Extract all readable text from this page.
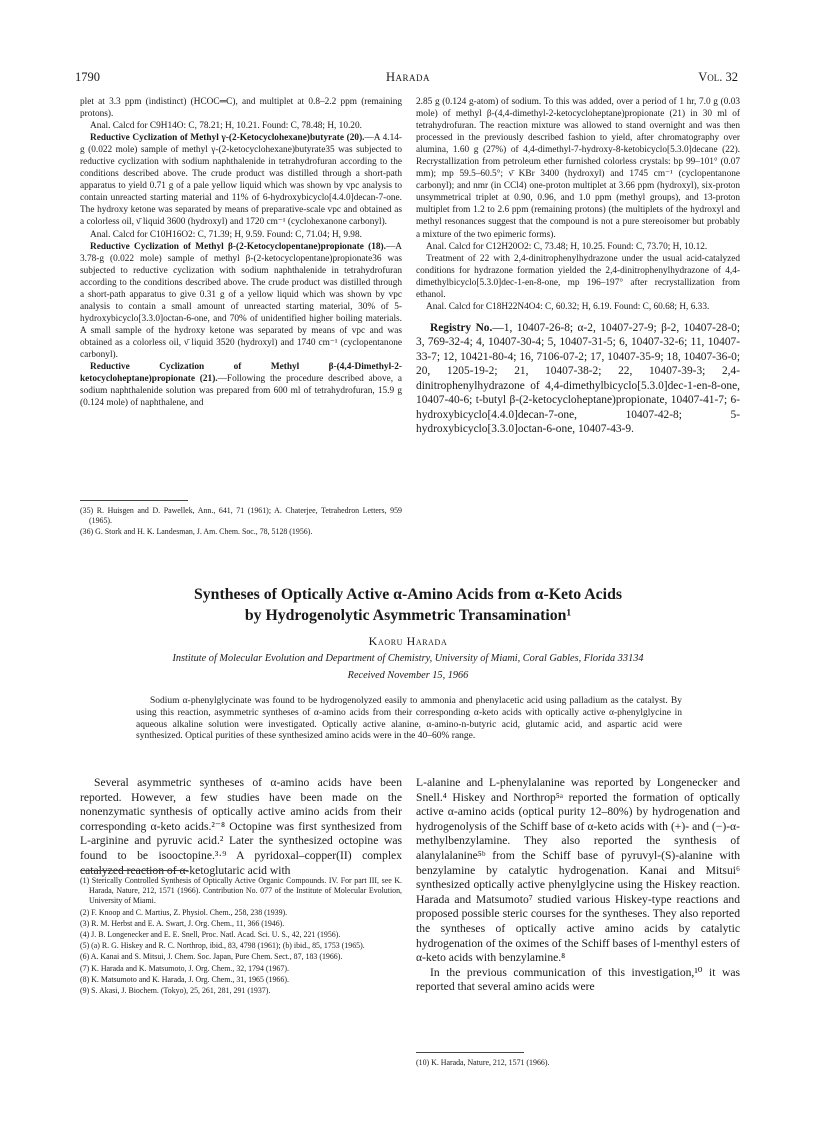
1790	Harada	Vol. 32

plet at 3.3 ppm (indistinct) (HCOC═C), and multiplet at 0.8–2.2 ppm (remaining protons).

Anal. Calcd for C9H14O: C, 78.21; H, 10.21. Found: C, 78.48; H, 10.20.

Reductive Cyclization of Methyl γ-(2-Ketocyclohexane)butyrate (20).—A 4.14-g (0.022 mole) sample of methyl γ-(2-ketocyclohexane)butyrate35 was subjected to reductive cyclization with sodium naphthalenide in tetrahydrofuran according to the conditions described above. The crude product was distilled through a short-path apparatus to yield 0.71 g of a pale yellow liquid which was shown by vpc analysis to contain unreacted starting material and 11% of 6-hydroxybicyclo[4.4.0]decan-7-one. The hydroxy ketone was separated by means of preparative-scale vpc and obtained as a colorless oil, ν̄ liquid 3600 (hydroxyl) and 1720 cm⁻¹ (cyclohexanone carbonyl).

Anal. Calcd for C10H16O2: C, 71.39; H, 9.59. Found: C, 71.04; H, 9.98.

Reductive Cyclization of Methyl β-(2-Ketocyclopentane)propionate (18).—A 3.78-g (0.022 mole) sample of methyl β-(2-ketocyclopentane)propionate36 was subjected to reductive cyclization with sodium naphthalenide in tetrahydrofuran according to the conditions described above. The crude product was distilled through a short-path apparatus to give 0.31 g of a yellow liquid which was shown by vpc analysis to contain a small amount of unreacted starting material, 30% of 5-hydroxybicyclo[3.3.0]octan-6-one, and 70% of unidentified higher boiling materials. A small sample of the hydroxy ketone was separated by means of vpc and was obtained as a colorless oil, ν̄ liquid 3520 (hydroxyl) and 1740 cm⁻¹ (cyclopentanone carbonyl).

Reductive Cyclization of Methyl β-(4,4-Dimethyl-2-ketocycloheptane)propionate (21).—Following the procedure described above, a sodium naphthalenide solution was prepared from 600 ml of tetrahydrofuran, 15.9 g (0.124 mole) of naphthalene, and

(35) R. Huisgen and D. Pawellek, Ann., 641, 71 (1961); A. Chaterjee, Tetrahedron Letters, 959 (1965).

(36) G. Stork and H. K. Landesman, J. Am. Chem. Soc., 78, 5128 (1956).

2.85 g (0.124 g-atom) of sodium. To this was added, over a period of 1 hr, 7.0 g (0.03 mole) of methyl β-(4,4-dimethyl-2-ketocycloheptane)propionate (21) in 30 ml of tetrahydrofuran. The reaction mixture was allowed to stand overnight and was then processed in the previously described fashion to yield, after chromatography over alumina, 1.60 g (27%) of 4,4-dimethyl-7-hydroxy-8-ketobicyclo[5.3.0]decane (22). Recrystallization from petroleum ether furnished colorless crystals: bp 99–101° (0.07 mm); mp 59.5–60.5°; ν̄ KBr 3400 (hydroxyl) and 1745 cm⁻¹ (cyclopentanone carbonyl); and nmr (in CCl4) one-proton multiplet at 3.66 ppm (hydroxyl), six-proton unsymmetrical triplet at 0.90, 0.96, and 1.0 ppm (methyl groups), and 13-proton multiplet from 1.2 to 2.6 ppm (remaining protons) (the multiplets of the hydroxyl and methyl resonances suggest that the compound is not a pure stereoisomer but probably a mixture of the two epimeric forms).

Anal. Calcd for C12H20O2: C, 73.48; H, 10.25. Found: C, 73.70; H, 10.12.

Treatment of 22 with 2,4-dinitrophenylhydrazone under the usual acid-catalyzed conditions for hydrazone formation yielded the 2,4-dinitrophenylhydrazone of 4,4-dimethylbicyclo[5.3.0]dec-1-en-8-one, mp 196–197° after recrystallization from ethanol.

Anal. Calcd for C18H22N4O4: C, 60.32; H, 6.19. Found: C, 60.68; H, 6.33.

Registry No.—1, 10407-26-8; α-2, 10407-27-9; β-2, 10407-28-0; 3, 769-32-4; 4, 10407-30-4; 5, 10407-31-5; 6, 10407-32-6; 11, 10407-33-7; 12, 10421-80-4; 16, 7106-07-2; 17, 10407-35-9; 18, 10407-36-0; 20, 1205-19-2; 21, 10407-38-2; 22, 10407-39-3; 2,4-dinitrophenylhydrazone of 4,4-dimethylbicyclo[5.3.0]dec-1-en-8-one, 10407-40-6; t-butyl β-(2-ketocycloheptane)propionate, 10407-41-7; 6-hydroxybicyclo[4.4.0]decan-7-one, 10407-42-8; 5-hydroxybicyclo[3.3.0]octan-6-one, 10407-43-9.

Syntheses of Optically Active α-Amino Acids from α-Keto Acids

by Hydrogenolytic Asymmetric Transamination¹

Kaoru Harada

Institute of Molecular Evolution and Department of Chemistry, University of Miami, Coral Gables, Florida 33134

Received November 15, 1966

Sodium α-phenylglycinate was found to be hydrogenolyzed easily to ammonia and phenylacetic acid using palladium as the catalyst. By using this reaction, asymmetric syntheses of α-amino acids from their corresponding α-keto acids with optically active α-phenylglycine in aqueous alkaline solution were investigated. Optically active alanine, α-amino-n-butyric acid, glutamic acid, and aspartic acid were synthesized. Optical purities of these synthesized amino acids were in the 40–60% range.

Several asymmetric syntheses of α-amino acids have been reported. However, a few studies have been made on the nonenzymatic synthesis of optically active amino acids from their corresponding α-keto acids.²⁻⁸ Octopine was first synthesized from L-arginine and pyruvic acid.² Later the synthesized octopine was found to be isooctopine.³·⁹ A pyridoxal–copper(II) complex catalyzed reaction of α-ketoglutaric acid with

(1) Sterically Controlled Synthesis of Optically Active Organic Compounds. IV. For part III, see K. Harada, Nature, 212, 1571 (1966). Contribution No. 077 of the Institute of Molecular Evolution, University of Miami.

(2) F. Knoop and C. Martius, Z. Physiol. Chem., 258, 238 (1939).

(3) R. M. Herbst and E. A. Swart, J. Org. Chem., 11, 366 (1946).

(4) J. B. Longenecker and E. E. Snell, Proc. Natl. Acad. Sci. U. S., 42, 221 (1956).

(5) (a) R. G. Hiskey and R. C. Northrop, ibid., 83, 4798 (1961); (b) ibid., 85, 1753 (1965).

(6) A. Kanai and S. Mitsui, J. Chem. Soc. Japan, Pure Chem. Sect., 87, 183 (1966).

(7) K. Harada and K. Matsumoto, J. Org. Chem., 32, 1794 (1967).

(8) K. Matsumoto and K. Harada, J. Org. Chem., 31, 1965 (1966).

(9) S. Akasi, J. Biochem. (Tokyo), 25, 261, 281, 291 (1937).

L-alanine and L-phenylalanine was reported by Longenecker and Snell.⁴ Hiskey and Northrop⁵ᵃ reported the formation of optically active α-amino acids (optical purity 12–80%) by hydrogenation and hydrogenolysis of the Schiff base of α-keto acids with (+)- and (−)-α-methylbenzylamine. They also reported the synthesis of alanylalanine⁵ᵇ from the Schiff base of pyruvyl-(S)-alanine with benzylamine by catalytic hydrogenation. Kanai and Mitsui⁶ synthesized optically active phenylglycine using the Hiskey reaction. Harada and Matsumoto⁷ studied various Hiskey-type reactions and proposed possible steric courses for the syntheses. They also reported the syntheses of optically active amino acids by catalytic hydrogenation of the oximes of the Schiff bases of l-menthyl esters of α-keto acids with benzylamine.⁸

In the previous communication of this investigation,¹⁰ it was reported that several amino acids were

(10) K. Harada, Nature, 212, 1571 (1966).
